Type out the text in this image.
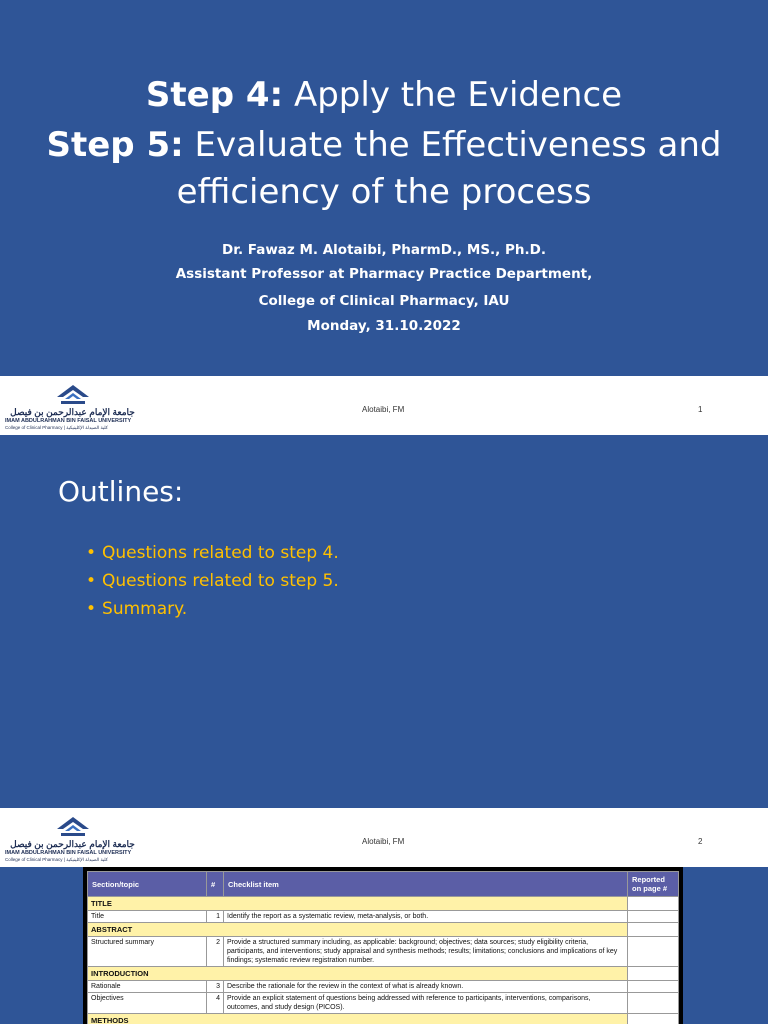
Step 4: Apply the Evidence
Step 5: Evaluate the Effectiveness and
efficiency of the process
Dr. Fawaz M. Alotaibi, PharmD., MS., Ph.D.
Assistant Professor at Pharmacy Practice Department,
College of Clinical Pharmacy, IAU
Monday, 31.10.2022
جامعة الإمام عبدالرحمن بن فيصل
IMAM ABDULRAHMAN BIN FAISAL UNIVERSITY
College of Clinical Pharmacy | كلية الصيدلة الإكلينيكية
Alotaibi, FM	1
Outlines:
• Questions related to step 4.
• Questions related to step 5.
• Summary.
جامعة الإمام عبدالرحمن بن فيصل
IMAM ABDULRAHMAN BIN FAISAL UNIVERSITY
College of Clinical Pharmacy | كلية الصيدلة الإكلينيكية
Alotaibi, FM	2
Section/topic	#	Checklist item	Reported on page #
TITLE			
Title	1	Identify the report as a systematic review, meta-analysis, or both.	
ABSTRACT			
Structured summary	2	Provide a structured summary including, as applicable: background; objectives; data sources; study eligibility criteria, participants, and interventions; study appraisal and synthesis methods; results; limitations; conclusions and implications of key findings; systematic review registration number.	
INTRODUCTION			
Rationale	3	Describe the rationale for the review in the context of what is already known.	
Objectives	4	Provide an explicit statement of questions being addressed with reference to participants, interventions, comparisons, outcomes, and study design (PICOS).	
METHODS			
